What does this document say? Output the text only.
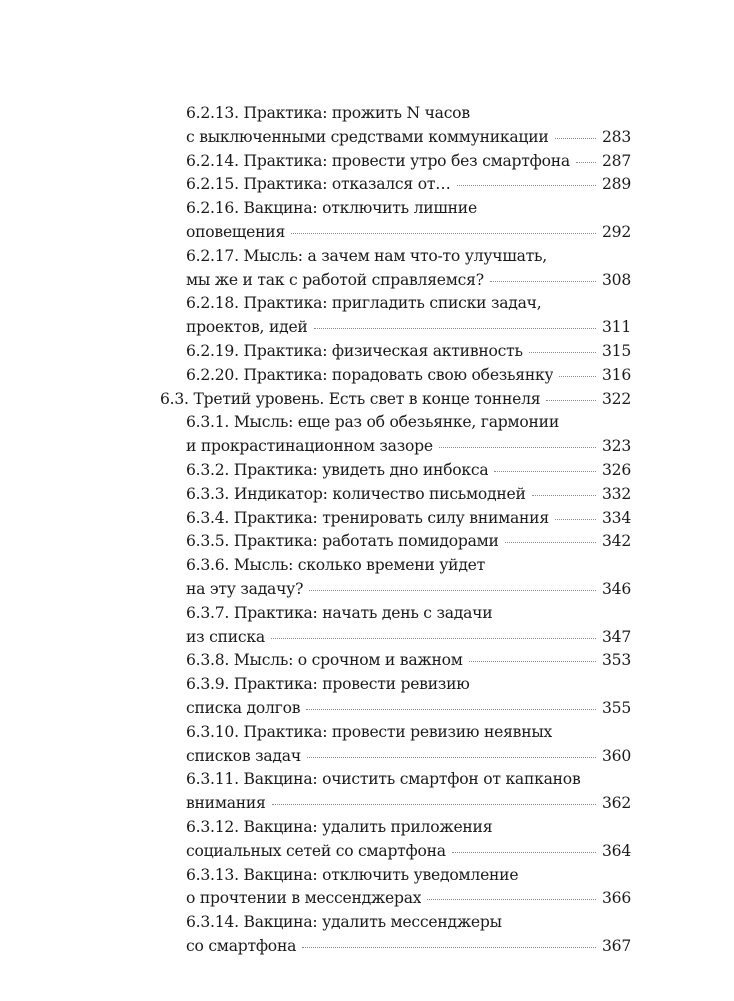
6.2.13. Практика: прожить N часов
с выключенными средствами коммуникации	283
6.2.14. Практика: провести утро без смартфона 287
6.2.15. Практика: отказался от…	289
6.2.16. Вакцина: отключить лишние
оповещения	292
6.2.17. Мысль: а зачем нам что-то улучшать,
мы же и так с работой справляемся?	308
6.2.18. Практика: пригладить списки задач,
проектов, идей	311
6.2.19. Практика: физическая активность	315
6.2.20. Практика: порадовать свою обезьянку	316
6.3. Третий уровень. Есть свет в конце тоннеля	322
6.3.1. Мысль: еще раз об обезьянке, гармонии
и прокрастинационном зазоре	323
6.3.2. Практика: увидеть дно инбокса	326
6.3.3. Индикатор: количество письмодней	332
6.3.4. Практика: тренировать силу внимания	334
6.3.5. Практика: работать помидорами	342
6.3.6. Мысль: сколько времени уйдет
на эту задачу?	346
6.3.7. Практика: начать день с задачи
из списка	347
6.3.8. Мысль: о срочном и важном	353
6.3.9. Практика: провести ревизию
списка долгов	355
6.3.10. Практика: провести ревизию неявных
списков задач	360
6.3.11. Вакцина: очистить смартфон от капканов
внимания	362
6.3.12. Вакцина: удалить приложения
социальных сетей со смартфона	364
6.3.13. Вакцина: отключить уведомление
о прочтении в мессенджерах	366
6.3.14. Вакцина: удалить мессенджеры
со смартфона	367
